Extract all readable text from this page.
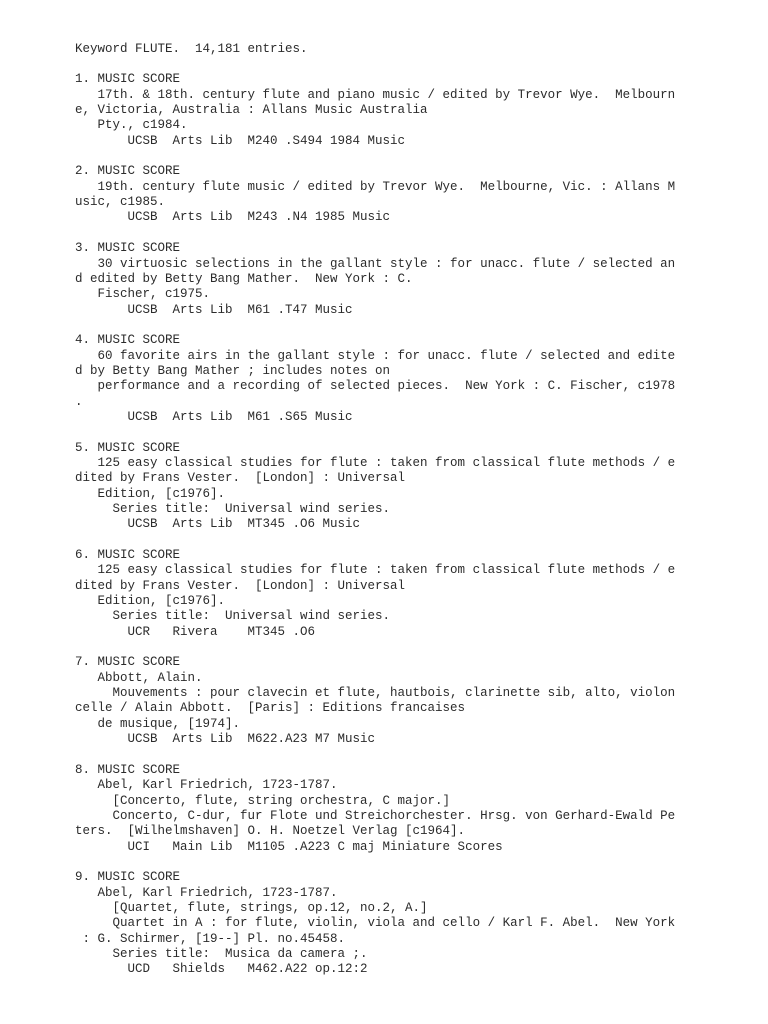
Keyword FLUTE.  14,181 entries.

1. MUSIC SCORE
17th. & 18th. century flute and piano music / edited by Trevor Wye.  Melbourn
e, Victoria, Australia : Allans Music Australia
Pty., c1984.
UCSB  Arts Lib  M240 .S494 1984 Music
2. MUSIC SCORE
19th. century flute music / edited by Trevor Wye.  Melbourne, Vic. : Allans M
usic, c1985.
UCSB  Arts Lib  M243 .N4 1985 Music
3. MUSIC SCORE
30 virtuosic selections in the gallant style : for unacc. flute / selected an
d edited by Betty Bang Mather.  New York : C.
Fischer, c1975.
UCSB  Arts Lib  M61 .T47 Music
4. MUSIC SCORE
60 favorite airs in the gallant style : for unacc. flute / selected and edite
d by Betty Bang Mather ; includes notes on
performance and a recording of selected pieces.  New York : C. Fischer, c1978
.
UCSB  Arts Lib  M61 .S65 Music
5. MUSIC SCORE
125 easy classical studies for flute : taken from classical flute methods / e
dited by Frans Vester.  [London] : Universal
Edition, [c1976].
Series title:  Universal wind series.
UCSB  Arts Lib  MT345 .O6 Music
6. MUSIC SCORE
125 easy classical studies for flute : taken from classical flute methods / e
dited by Frans Vester.  [London] : Universal
Edition, [c1976].
Series title:  Universal wind series.
UCR   Rivera    MT345 .O6
7. MUSIC SCORE
Abbott, Alain.
Mouvements : pour clavecin et flute, hautbois, clarinette sib, alto, violon
celle / Alain Abbott.  [Paris] : Editions francaises
de musique, [1974].
UCSB  Arts Lib  M622.A23 M7 Music
8. MUSIC SCORE
Abel, Karl Friedrich, 1723-1787.
[Concerto, flute, string orchestra, C major.]
Concerto, C-dur, fur Flote und Streichorchester. Hrsg. von Gerhard-Ewald Pe
ters.  [Wilhelmshaven] O. H. Noetzel Verlag [c1964].
UCI   Main Lib  M1105 .A223 C maj Miniature Scores
9. MUSIC SCORE
Abel, Karl Friedrich, 1723-1787.
[Quartet, flute, strings, op.12, no.2, A.]
Quartet in A : for flute, violin, viola and cello / Karl F. Abel.  New York
: G. Schirmer, [19--] Pl. no.45458.
Series title:  Musica da camera ;.
UCD   Shields   M462.A22 op.12:2
